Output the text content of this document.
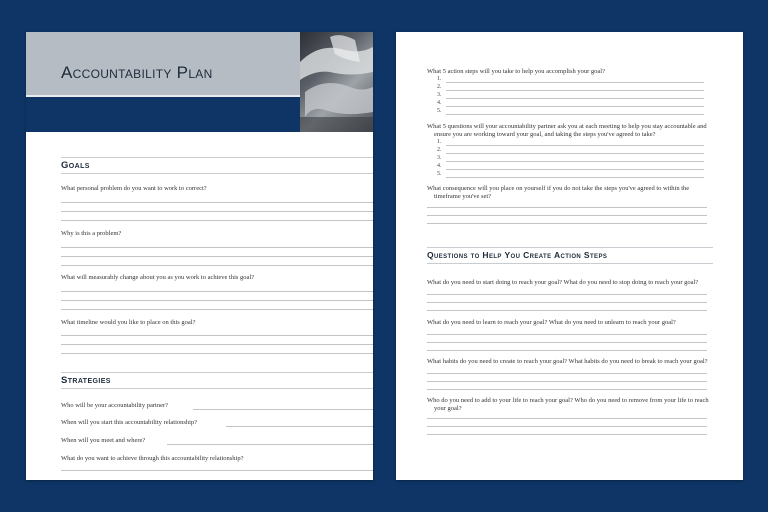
Accountability Plan
Goals
What personal problem do you want to work to correct?
Why is this a problem?
What will measurably change about you as you work to achieve this goal?
What timeline would you like to place on this goal?
Strategies
Who will be your accountability partner?
When will you start this accountability relationship?
When will you meet and where?
What do you want to achieve through this accountability relationship?
What 5 action steps will you take to help you accomplish your goal?
1.
2.
3.
4.
5.
What 5 questions will your accountability partner ask you at each meeting to help you stay accountable and
ensure you are working toward your goal, and taking the steps you've agreed to take?
1.
2.
3.
4.
5.
What consequence will you place on yourself if you do not take the steps you've agreed to within the
timeframe you've set?
Questions to Help You Create Action Steps
What do you need to start doing to reach your goal? What do you need to stop doing to reach your goal?
What do you need to learn to reach your goal? What do you need to unlearn to reach your goal?
What habits do you need to create to reach your goal? What habits do you need to break to reach your goal?
Who do you need to add to your life to reach your goal? Who do you need to remove from your life to reach
your goal?
